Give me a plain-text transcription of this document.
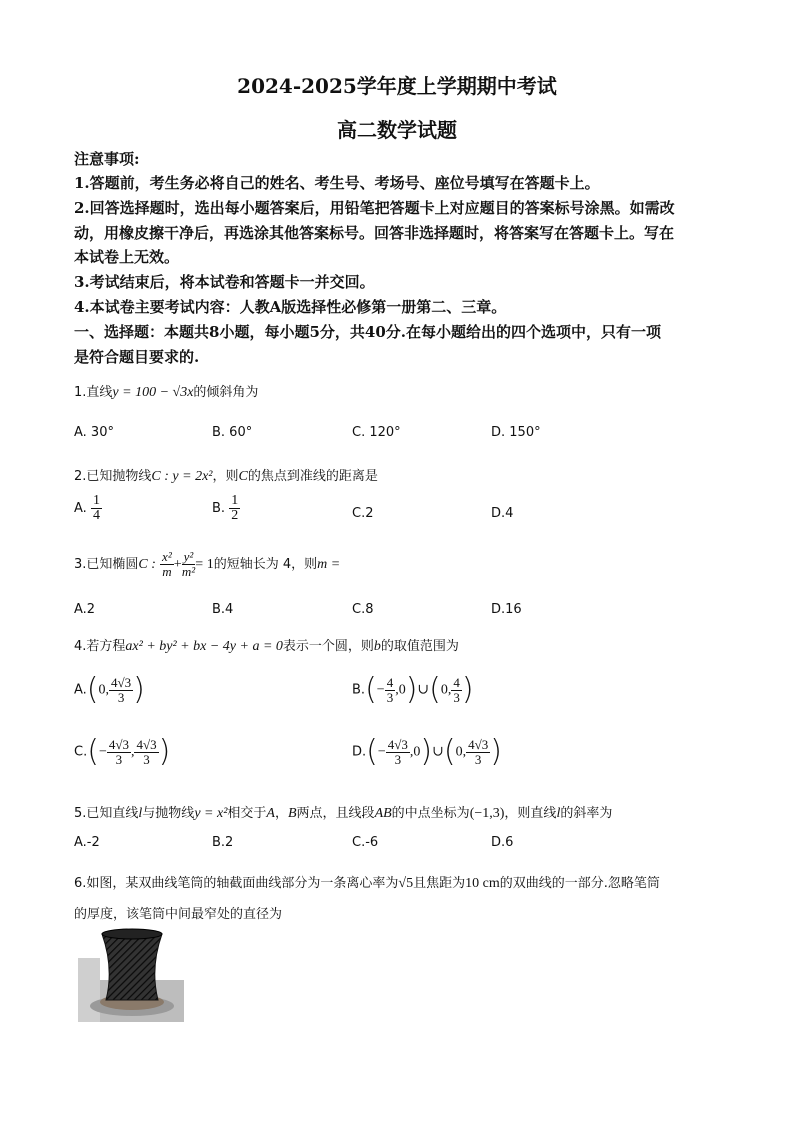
2024-2025学年度上学期期中考试
高二数学试题
注意事项:
1.答题前，考生务必将自己的姓名、考生号、考场号、座位号填写在答题卡上。
2.回答选择题时，选出每小题答案后，用铅笔把答题卡上对应题目的答案标号涂黑。如需改
动，用橡皮擦干净后，再选涂其他答案标号。回答非选择题时，将答案写在答题卡上。写在
本试卷上无效。
3.考试结束后，将本试卷和答题卡一并交回。
4.本试卷主要考试内容：人教A版选择性必修第一册第二、三章。
一、选择题：本题共8小题，每小题5分，共40分.在每小题给出的四个选项中，只有一项
是符合题目要求的.
1.直线y = 100 − √3x的倾斜角为
A. 30°	B. 60°	C. 120°	D. 150°
2.已知抛物线C : y = 2x²，则C的焦点到准线的距离是
A. $\frac{1}{4}$	B. $\frac{1}{2}$	C.2	D.4
3.已知椭圆C : $\frac{\text{x²}}{m} + \frac{\text{y²}}{\text{m²}} = 1$的短轴长为 4，则m =
A.2	B.4	C.8	D.16
4.若方程ax² + by² + bx − 4y + a = 0表示一个圆，则b的取值范围为
A.(0, $\frac{4√3}{3}$ )	$B.(- \frac{4}{3}$ ,0)∪(0, $\frac{4}{3}$ )
$C.(- \frac{4√3}{3}$ , $\frac{4√3}{3}$ )	$D.(- \frac{4√3}{3}$ ,0)∪(0, $\frac{4√3}{3}$ )
5.已知直线l与抛物线y = x²相交于A，B两点，且线段AB的中点坐标为(−1,3)，则直线l的斜率为
A.-2	B.2	C.-6	D.6
6.如图，某双曲线笔筒的轴截面曲线部分为一条离心率为√5且焦距为10 cm的双曲线的一部分.忽略笔筒
的厚度，该笔筒中间最窄处的直径为
